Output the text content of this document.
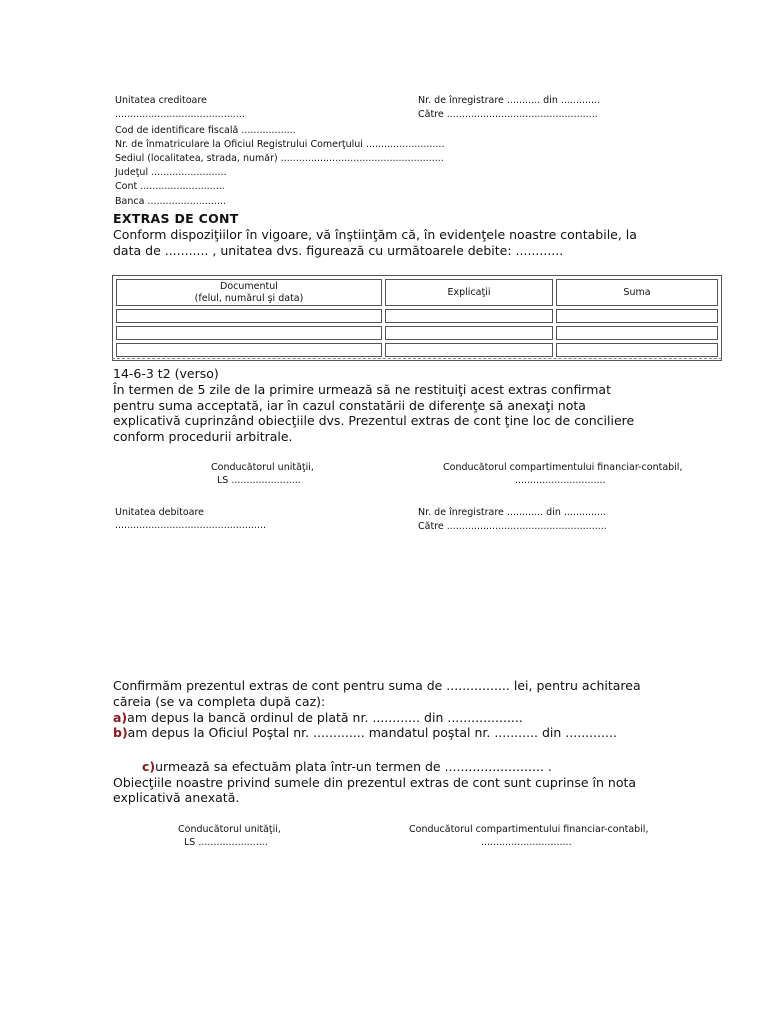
Unitatea creditoare
...........................................
Nr. de înregistrare ........... din .............
Către ..................................................
Cod de identificare fiscală ..................
Nr. de înmatriculare la Oficiul Registrului Comerţului ..........................
Sediul (localitatea, strada, număr) ......................................................
Judeţul .........................
Cont ............................
Banca ..........................
EXTRAS DE CONT
Conform dispoziţiilor în vigoare, vă înştiinţăm că, în evidenţele noastre contabile, la
data de ........... , unitatea dvs. figurează cu următoarele debite: ............
Documentul
(felul, numărul şi data)	Explicaţii	Suma

14-6-3 t2 (verso)
În termen de 5 zile de la primire urmează să ne restituiţi acest extras confirmat
pentru suma acceptată, iar în cazul constatării de diferenţe să anexaţi nota
explicativă cuprinzând obiecţiile dvs. Prezentul extras de cont ţine loc de conciliere
conform procedurii arbitrale.
Conducătorul unităţii,
LS .......................
Conducătorul compartimentului financiar-contabil,
..............................
Unitatea debitoare
..................................................
Nr. de înregistrare ............ din ..............
Către .....................................................
Confirmăm prezentul extras de cont pentru suma de ................ lei, pentru achitarea
căreia (se va completa după caz):
a)am depus la bancă ordinul de plată nr. ............ din ...................
b)am depus la Oficiul Poştal nr. ............. mandatul poştal nr. ........... din .............
c)urmează sa efectuăm plata într-un termen de ......................... .
Obiecţiile noastre privind sumele din prezentul extras de cont sunt cuprinse în nota
explicativă anexată.
Conducătorul unităţii,
LS .......................
Conducătorul compartimentului financiar-contabil,
..............................
